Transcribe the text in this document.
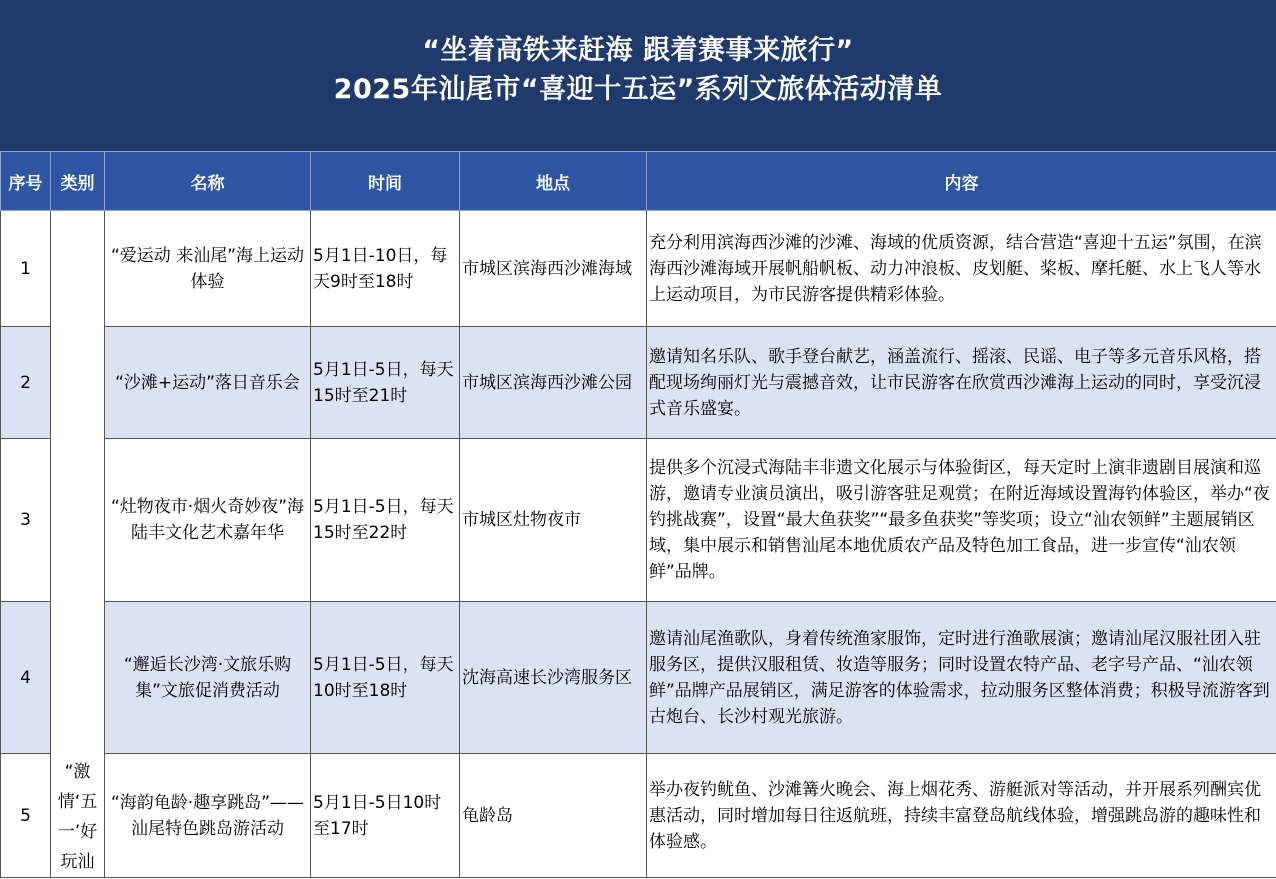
“坐着高铁来赶海 跟着赛事来旅行”
2025年汕尾市“喜迎十五运”系列文旅体活动清单
序号	类别	名称	时间	地点	内容
1	“激情‘五一’好玩汕	“爱运动 来汕尾”海上运动体验	5月1日-10日，每天9时至18时	市城区滨海西沙滩海域	充分利用滨海西沙滩的沙滩、海域的优质资源，结合营造“喜迎十五运”氛围，在滨海西沙滩海域开展帆船帆板、动力冲浪板、皮划艇、桨板、摩托艇、水上飞人等水上运动项目，为市民游客提供精彩体验。
2		“沙滩+运动”落日音乐会	5月1日-5日，每天15时至21时	市城区滨海西沙滩公园	邀请知名乐队、歌手登台献艺，涵盖流行、摇滚、民谣、电子等多元音乐风格，搭配现场绚丽灯光与震撼音效，让市民游客在欣赏西沙滩海上运动的同时，享受沉浸式音乐盛宴。
3		“灶物夜市·烟火奇妙夜”海陆丰文化艺术嘉年华	5月1日-5日，每天15时至22时	市城区灶物夜市	提供多个沉浸式海陆丰非遗文化展示与体验街区，每天定时上演非遗剧目展演和巡游，邀请专业演员演出，吸引游客驻足观赏；在附近海域设置海钓体验区，举办“夜钓挑战赛”，设置“最大鱼获奖”“最多鱼获奖”等奖项；设立“汕农领鲜”主题展销区域，集中展示和销售汕尾本地优质农产品及特色加工食品，进一步宣传“汕农领鲜”品牌。
4		“邂逅长沙湾·文旅乐购集”文旅促消费活动	5月1日-5日，每天10时至18时	沈海高速长沙湾服务区	邀请汕尾渔歌队，身着传统渔家服饰，定时进行渔歌展演；邀请汕尾汉服社团入驻服务区，提供汉服租赁、妆造等服务；同时设置农特产品、老字号产品、“汕农领鲜”品牌产品展销区，满足游客的体验需求，拉动服务区整体消费；积极导流游客到古炮台、长沙村观光旅游。
5		“海韵龟龄·趣享跳岛”——汕尾特色跳岛游活动	5月1日-5日10时至17时	龟龄岛	举办夜钓鱿鱼、沙滩篝火晚会、海上烟花秀、游艇派对等活动，并开展系列酬宾优惠活动，同时增加每日往返航班，持续丰富登岛航线体验，增强跳岛游的趣味性和体验感。
